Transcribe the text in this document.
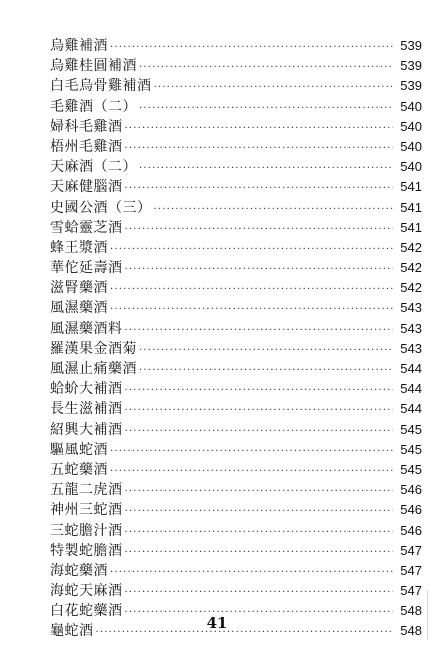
烏雞補酒 ·····	539
烏雞桂圓補酒 ·····	539
白毛烏骨雞補酒 ·····	539
毛雞酒（二） ·····	540
婦科毛雞酒 ·····	540
梧州毛雞酒 ·····	540
天麻酒（二） ·····	540
天麻健腦酒 ·····	541
史國公酒（三） ·····	541
雪蛤靈芝酒 ·····	541
蜂王漿酒 ·····	542
華佗延壽酒 ·····	542
滋腎藥酒 ·····	542
風濕藥酒 ·····	543
風濕藥酒料 ·····	543
羅漢果金酒菊 ·····	543
風濕止痛藥酒 ·····	544
蛤蚧大補酒 ·····	544
長生滋補酒 ·····	544
紹興大補酒 ·····	545
驅風蛇酒 ·····	545
五蛇藥酒 ·····	545
五龍二虎酒 ·····	546
神州三蛇酒 ·····	546
三蛇膽汁酒 ·····	546
特製蛇膽酒 ·····	547
海蛇藥酒 ·····	547
海蛇天麻酒 ·····	547
白花蛇藥酒 ·····	548
龜蛇酒 ·····	548
41
